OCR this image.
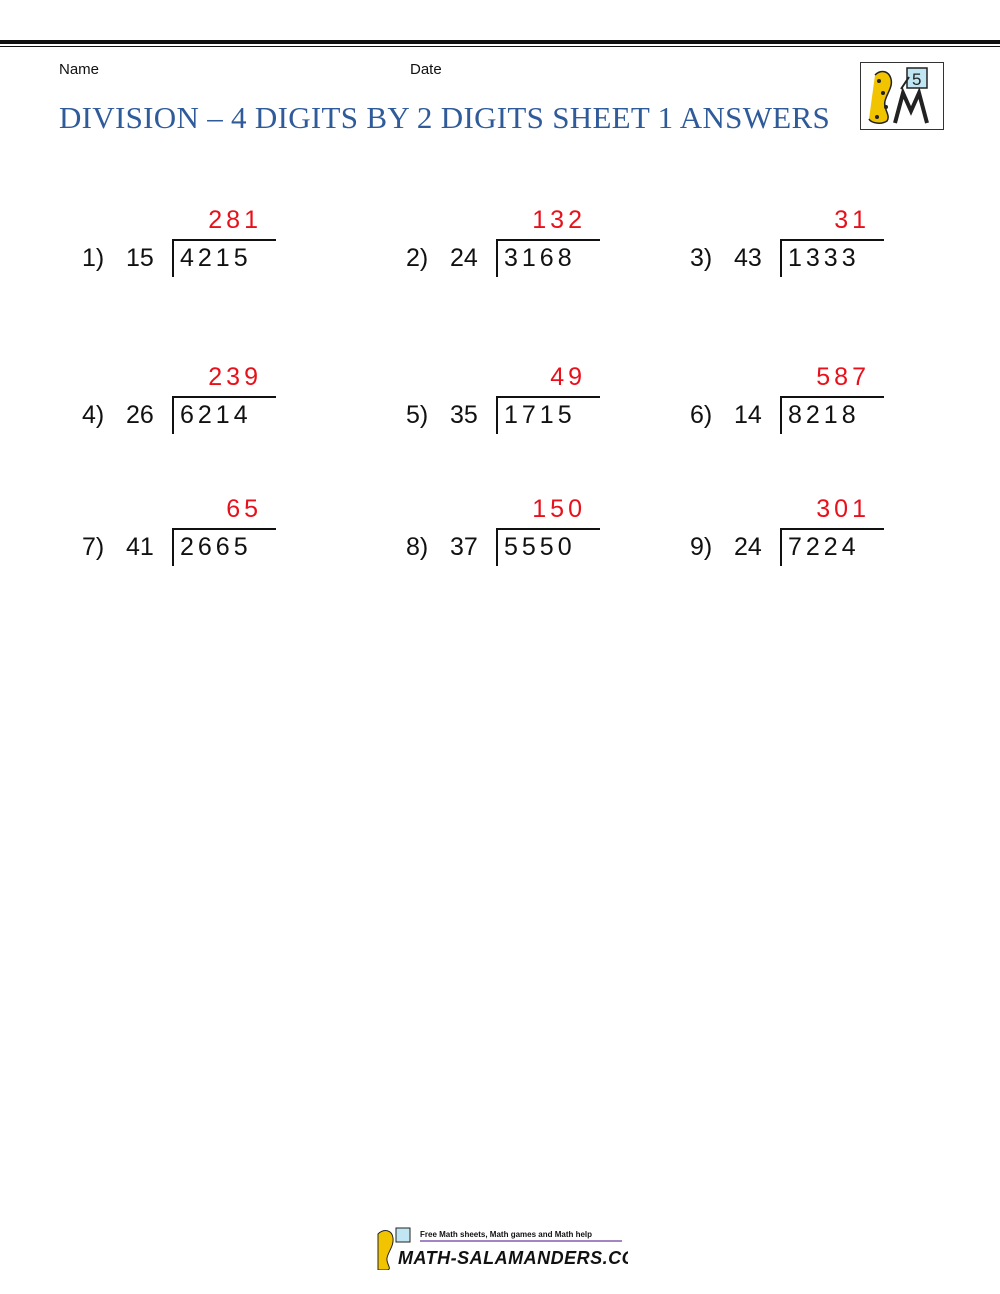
Name	Date
DIVISION – 4 DIGITS BY 2 DIGITS SHEET 1 ANSWERS
5
1) 15 4215
281
2) 24 3168
132
3) 43 1333
31
4) 26 6214
239
5) 35 1715
49
6) 14 8218
587
7) 41 2665
65
8) 37 5550
150
9) 24 7224
301
Free Math sheets, Math games and Math help
MATH-SALAMANDERS.COM
